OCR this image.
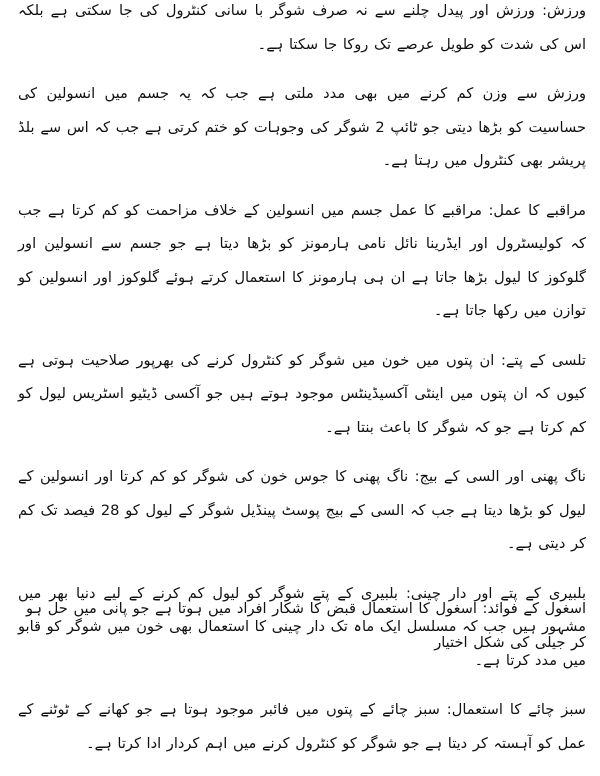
ورزش: ورزش اور پیدل چلنے سے نہ صرف شوگر با سانی کنٹرول کی جا سکتی ہے بلکہ اس کی شدت کو طویل عرصے تک روکا جا سکتا ہے۔

ورزش سے وزن کم کرنے میں بھی مدد ملتی ہے جب کہ یہ جسم میں انسولین کی حساسیت کو بڑھا دیتی جو ٹائپ 2 شوگر کی وجوہات کو ختم کرتی ہے جب کہ اس سے بلڈ پریشر بھی کنٹرول میں رہتا ہے۔

مراقبے کا عمل: مراقبے کا عمل جسم میں انسولین کے خلاف مزاحمت کو کم کرتا ہے جب کہ کولیسٹرول اور ایڈرینا نائل نامی ہارمونز کو بڑھا دیتا ہے جو جسم سے انسولین اور گلوکوز کا لیول بڑھا جاتا ہے ان ہی ہارمونز کا استعمال کرتے ہوئے گلوکوز اور انسولین کو توازن میں رکھا جاتا ہے۔

تلسی کے پتے: ان پتوں میں خون میں شوگر کو کنٹرول کرنے کی بھرپور صلاحیت ہوتی ہے کیوں کہ ان پتوں میں اینٹی آکسیڈینٹس موجود ہوتے ہیں جو آکسی ڈیٹیو اسٹریس لیول کو کم کرتا ہے جو کہ شوگر کا باعث بنتا ہے۔

ناگ پھنی اور السی کے بیج: ناگ پھنی کا جوس خون کی شوگر کو کم کرتا اور انسولین کے لیول کو بڑھا دیتا ہے جب کہ السی کے بیج پوسٹ پینڈیل شوگر کے لیول کو 28 فیصد تک کم کر دیتی ہے۔

بلبیری کے پتے اور دار چینی: بلبیری کے پتے شوگر کو لیول کم کرنے کے لیے دنیا بھر میں مشہور ہیں جب کہ مسلسل ایک ماہ تک دار چینی کا استعمال بھی خون میں شوگر کو قابو میں مدد کرتا ہے۔

سبز چائے کا استعمال: سبز چائے کے پتوں میں فائبر موجود ہوتا ہے جو کھانے کے ٹوٹنے کے عمل کو آہستہ کر دیتا ہے جو شوگر کو کنٹرول کرنے میں اہم کردار ادا کرتا ہے۔

اسغول کے فوائد: اسغول کا استعمال قبض کا شکار افراد میں ہوتا ہے جو پانی میں حل ہو کر جیلی کی شکل اختیار
